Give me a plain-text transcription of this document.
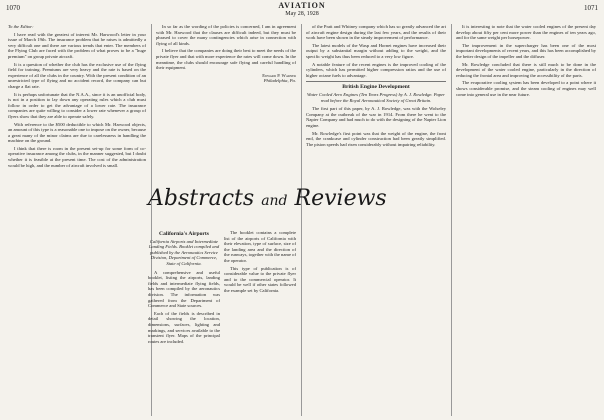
1070	AVIATION
May 28, 1928
1071
To the Editor:

I have read with the greatest of interest Mr. Harwood's letter in your issue of March 19th. The insurance problem that he raises is admittedly a very difficult one and there are various trends that enter. The members of the Flying Club are faced with the problem of what proves to be a "huge premium" on group private aircraft.

It is a question of whether the club has the exclusive use of the flying field for training. Premiums are very heavy and the rate is based on the experience of all the clubs in the country. With the present condition of an unrestricted type of flying and no accident record, the company can but charge a flat rate.

It is perhaps unfortunate that the N.A.A., since it is an unofficial body, is not in a position to lay down any operating rules which a club must follow in order to get the advantage of a lower rate. The insurance companies are quite willing to consider a lower rate whenever a group of flyers show that they are able to operate safely.

With reference to the $500 deductible to which Mr. Harwood objects, an amount of this type is a reasonable one to impose on the owner, because a great many of the minor claims are due to carelessness in handling the machine on the ground.

I think that there is room in the present set-up for some form of co-operative insurance among the clubs, in the manner suggested, but I doubt whether it is feasible at the present time. The cost of the administration would be high, and the number of aircraft involved is small.

In so far as the wording of the policies is concerned, I am in agreement with Mr. Harwood that the clauses are difficult indeed, but they must be phrased to cover the many contingencies which arise in connection with flying of all kinds.

I believe that the companies are doing their best to meet the needs of the private flyer and that with more experience the rates will come down. In the meantime, the clubs should encourage safe flying and careful handling of their equipment.

Edward P. Warner
Philadelphia, Pa.
Abstracts and Reviews
California's Airports
California Airports and Intermediate Landing Fields. Booklet compiled and published by the Aeronautics Service Division, Department of Commerce, State of California.

A comprehensive and useful booklet, listing the airports, landing fields and intermediate flying fields, has been compiled by the aeronautics division. The information was gathered from the Department of Commerce and State sources.

Each of the fields is described in detail showing the location, dimensions, surfaces, lighting and markings, and services available to the transient flyer. Maps of the principal routes are included.

The booklet contains a complete list of the airports of California with their elevation, type of surface, size of the landing area and the direction of the runways, together with the name of the operator.

This type of publication is of considerable value to the private flyer and to the commercial operator. It would be well if other states followed the example set by California.

of the Pratt and Whitney company which has so greatly advanced the art of aircraft engine design during the last few years, and the results of their work have been shown in the steady improvement of performance.

The latest models of the Wasp and Hornet engines have increased their output by a substantial margin without adding to the weight, and the specific weight has thus been reduced to a very low figure.

A notable feature of the recent engines is the improved cooling of the cylinders, which has permitted higher compression ratios and the use of higher octane fuels to advantage.

British Engine Development
Water Cooled Aero Engines (Ten Years Progress) by A. J. Rowledge. Paper read before the Royal Aeronautical Society of Great Britain.

The first part of this paper, by A. J. Rowledge, was with the Wolseley Company at the outbreak of the war in 1914. From there he went to the Napier Company and had much to do with the designing of the Napier Lion engine.

Mr. Rowledge's first point was that the weight of the engine, the front end, the crankcase and cylinder construction had been greatly simplified. The piston speeds had risen considerably without impairing reliability.

It is interesting to note that the water cooled engines of the present day develop about fifty per cent more power than the engines of ten years ago, and for the same weight per horsepower.

The improvement in the supercharger has been one of the most important developments of recent years, and this has been accomplished by the better design of the impeller and the diffuser.

Mr. Rowledge concluded that there is still much to be done in the development of the water cooled engine, particularly in the direction of reducing the frontal area and improving the accessibility of the parts.

The evaporative cooling system has been developed to a point where it shows considerable promise, and the steam cooling of engines may well come into general use in the near future.
